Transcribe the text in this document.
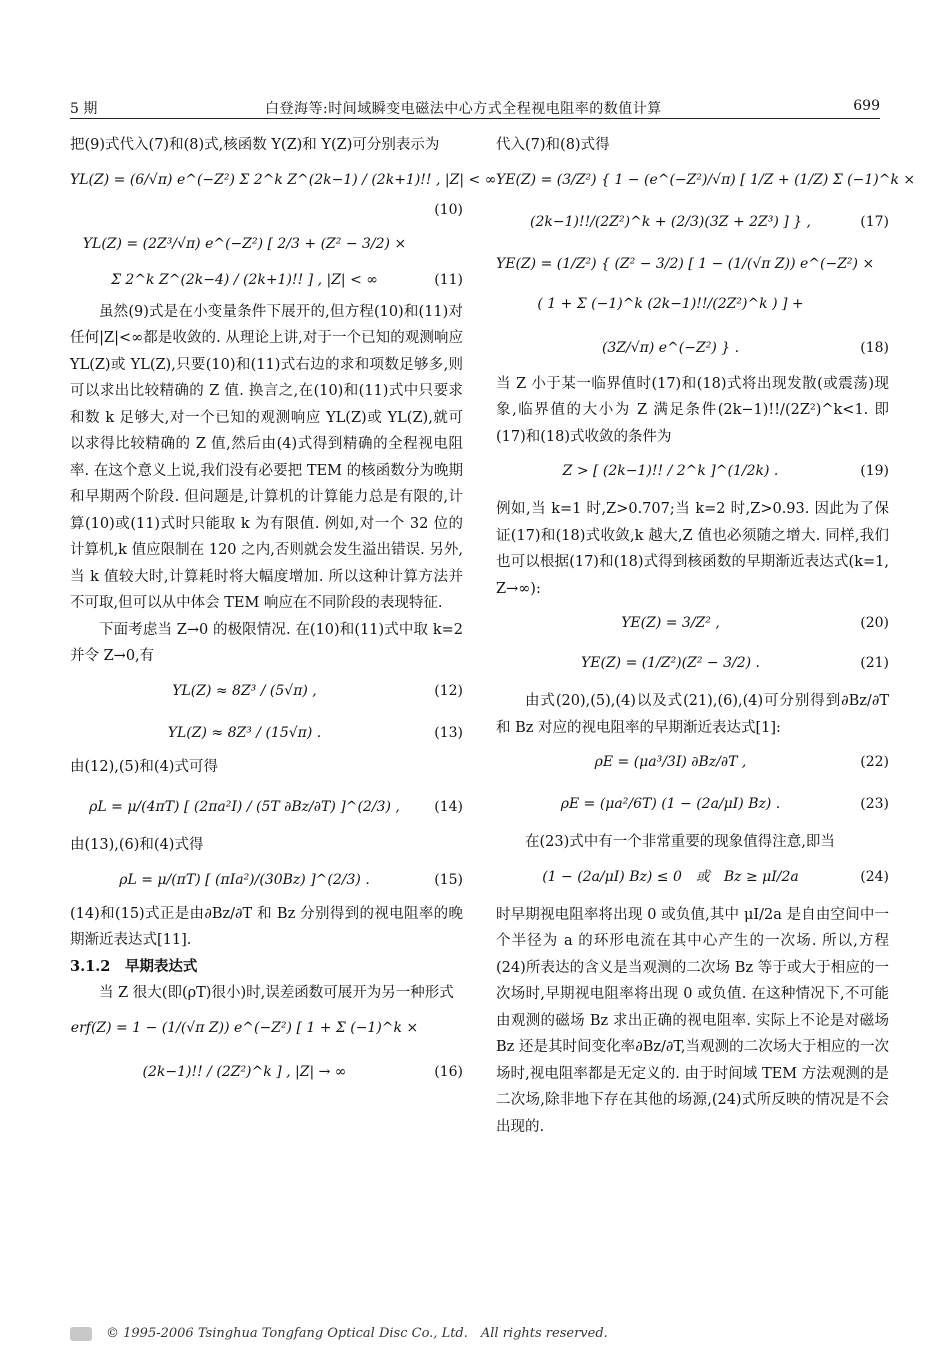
5 期	白登海等:时间域瞬变电磁法中心方式全程视电阻率的数值计算	699
把(9)式代入(7)和(8)式,核函数 Y(Z)和 Y(Z)可分别表示为
YL(Z) = (6/√π) e^(−Z²) Σ 2^k Z^(2k−1) / (2k+1)!! , |Z| < ∞
(10)
YL(Z) = (2Z³/√π) e^(−Z²) [ 2/3 + (Z² − 3/2) ×
Σ 2^k Z^(2k−4) / (2k+1)!! ] , |Z| < ∞	(11)
虽然(9)式是在小变量条件下展开的,但方程(10)和(11)对任何|Z|<∞都是收敛的. 从理论上讲,对于一个已知的观测响应 YL(Z)或 YL(Z),只要(10)和(11)式右边的求和项数足够多,则可以求出比较精确的 Z 值. 换言之,在(10)和(11)式中只要求和数 k 足够大,对一个已知的观测响应 YL(Z)或 YL(Z),就可以求得比较精确的 Z 值,然后由(4)式得到精确的全程视电阻率. 在这个意义上说,我们没有必要把 TEM 的核函数分为晚期和早期两个阶段. 但问题是,计算机的计算能力总是有限的,计算(10)或(11)式时只能取 k 为有限值. 例如,对一个 32 位的计算机,k 值应限制在 120 之内,否则就会发生溢出错误. 另外,当 k 值较大时,计算耗时将大幅度增加. 所以这种计算方法并不可取,但可以从中体会 TEM 响应在不同阶段的表现特征.
下面考虑当 Z→0 的极限情况. 在(10)和(11)式中取 k=2 并令 Z→0,有
YL(Z) ≈ 8Z³ / (5√π) ,	(12)
YL(Z) ≈ 8Z³ / (15√π) .	(13)
由(12),(5)和(4)式可得
ρL = μ/(4πT) [ (2πa²I) / (5T ∂Bz/∂T) ]^(2/3) ,	(14)
由(13),(6)和(4)式得
ρL = μ/(πT) [ (πIa²)/(30Bz) ]^(2/3) .	(15)
(14)和(15)式正是由∂Bz/∂T 和 Bz 分别得到的视电阻率的晚期渐近表达式[11].
3.1.2　早期表达式
当 Z 很大(即(ρT)很小)时,误差函数可展开为另一种形式
erf(Z) = 1 − (1/(√π Z)) e^(−Z²) [ 1 + Σ (−1)^k ×
(2k−1)!! / (2Z²)^k ] , |Z| → ∞	(16)
代入(7)和(8)式得
YE(Z) = (3/Z²) { 1 − (e^(−Z²)/√π) [ 1/Z + (1/Z) Σ (−1)^k ×
(2k−1)!!/(2Z²)^k + (2/3)(3Z + 2Z³) ] } ,	(17)
YE(Z) = (1/Z²) { (Z² − 3/2) [ 1 − (1/(√π Z)) e^(−Z²) ×
( 1 + Σ (−1)^k (2k−1)!!/(2Z²)^k ) ] +
(3Z/√π) e^(−Z²) } .	(18)
当 Z 小于某一临界值时(17)和(18)式将出现发散(或震荡)现象,临界值的大小为 Z 满足条件(2k−1)!!/(2Z²)^k<1. 即(17)和(18)式收敛的条件为
Z > [ (2k−1)!! / 2^k ]^(1/2k) .	(19)
例如,当 k=1 时,Z>0.707;当 k=2 时,Z>0.93. 因此为了保证(17)和(18)式收敛,k 越大,Z 值也必须随之增大. 同样,我们也可以根据(17)和(18)式得到核函数的早期渐近表达式(k=1, Z→∞):
YE(Z) = 3/Z² ,	(20)
YE(Z) = (1/Z²)(Z² − 3/2) .	(21)
由式(20),(5),(4)以及式(21),(6),(4)可分别得到∂Bz/∂T 和 Bz 对应的视电阻率的早期渐近表达式[1]:
ρE = (μa³/3I) ∂Bz/∂T ,	(22)
ρE = (μa²/6T) (1 − (2a/μI) Bz) .	(23)
在(23)式中有一个非常重要的现象值得注意,即当
(1 − (2a/μI) Bz) ≤ 0　或　Bz ≥ μI/2a	(24)
时早期视电阻率将出现 0 或负值,其中 μI/2a 是自由空间中一个半径为 a 的环形电流在其中心产生的一次场. 所以,方程(24)所表达的含义是当观测的二次场 Bz 等于或大于相应的一次场时,早期视电阻率将出现 0 或负值. 在这种情况下,不可能由观测的磁场 Bz 求出正确的视电阻率. 实际上不论是对磁场 Bz 还是其时间变化率∂Bz/∂T,当观测的二次场大于相应的一次场时,视电阻率都是无定义的. 由于时间域 TEM 方法观测的是二次场,除非地下存在其他的场源,(24)式所反映的情况是不会出现的.
© 1995-2006 Tsinghua Tongfang Optical Disc Co., Ltd.　All rights reserved.
